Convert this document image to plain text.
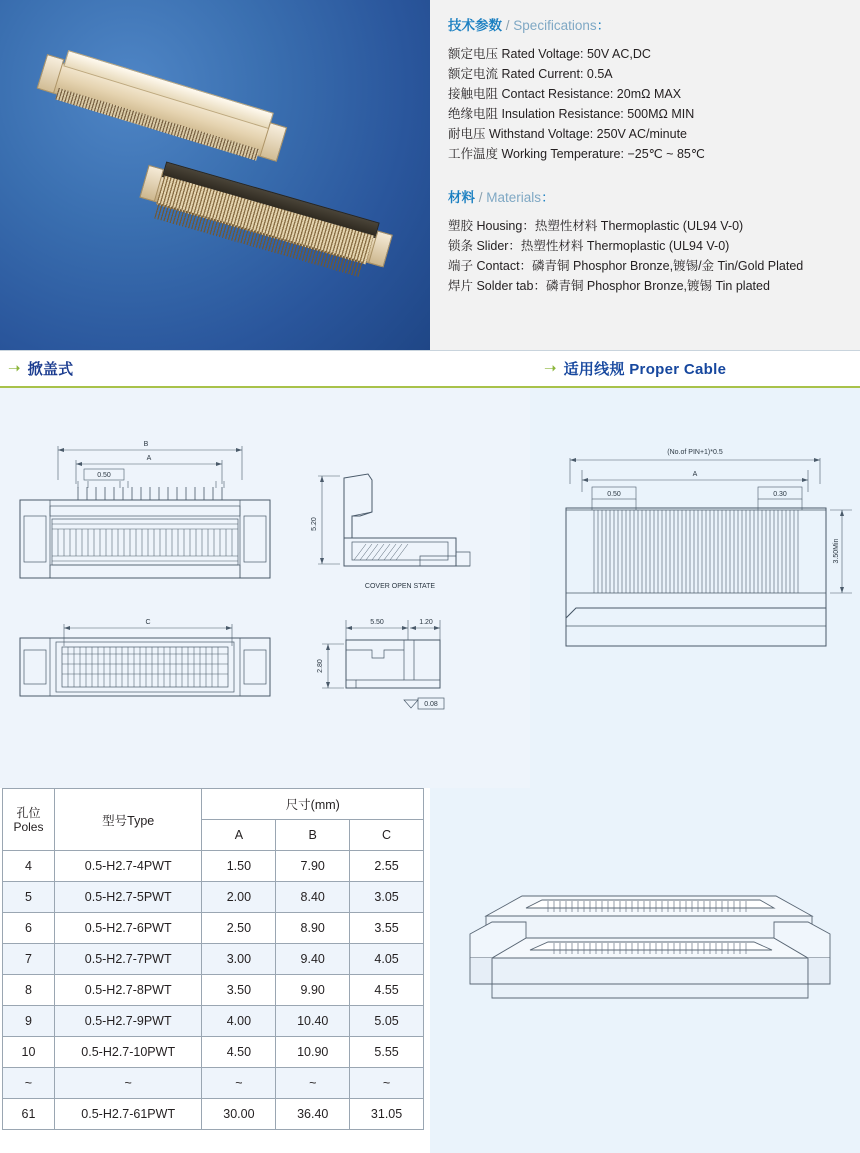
技术参数 / Specifications：
额定电压 Rated Voltage: 50V AC,DC
额定电流 Rated Current: 0.5A
接触电阻 Contact Resistance: 20mΩ MAX
绝缘电阻 Insulation Resistance: 500MΩ MIN
耐电压 Withstand Voltage: 250V AC/minute
工作温度 Working Temperature: −25℃ ~ 85℃
材料 / Materials：
塑胶 Housing：热塑性材料 Thermoplastic (UL94 V-0)
锁条 Slider：热塑性材料 Thermoplastic (UL94 V-0)
端子 Contact：磷青铜 Phosphor Bronze,镀锡/金 Tin/Gold Plated
焊片 Solder tab：磷青铜 Phosphor Bronze,镀锡 Tin plated
➝ 掀盖式	➝ 适用线规 Proper Cable
B
A
0.50
C
5.20
COVER OPEN STATE
5.50	1.20
2.80
0.08
(No.of PIN+1)*0.5
A
0.50	0.30
3.50Min
孔位
Poles	型号Type	尺寸(mm)		
		A	B	C
4	0.5-H2.7-4PWT	1.50	7.90	2.55
5	0.5-H2.7-5PWT	2.00	8.40	3.05
6	0.5-H2.7-6PWT	2.50	8.90	3.55
7	0.5-H2.7-7PWT	3.00	9.40	4.05
8	0.5-H2.7-8PWT	3.50	9.90	4.55
9	0.5-H2.7-9PWT	4.00	10.40	5.05
10	0.5-H2.7-10PWT	4.50	10.90	5.55
~	~	~	~	~
61	0.5-H2.7-61PWT	30.00	36.40	31.05
